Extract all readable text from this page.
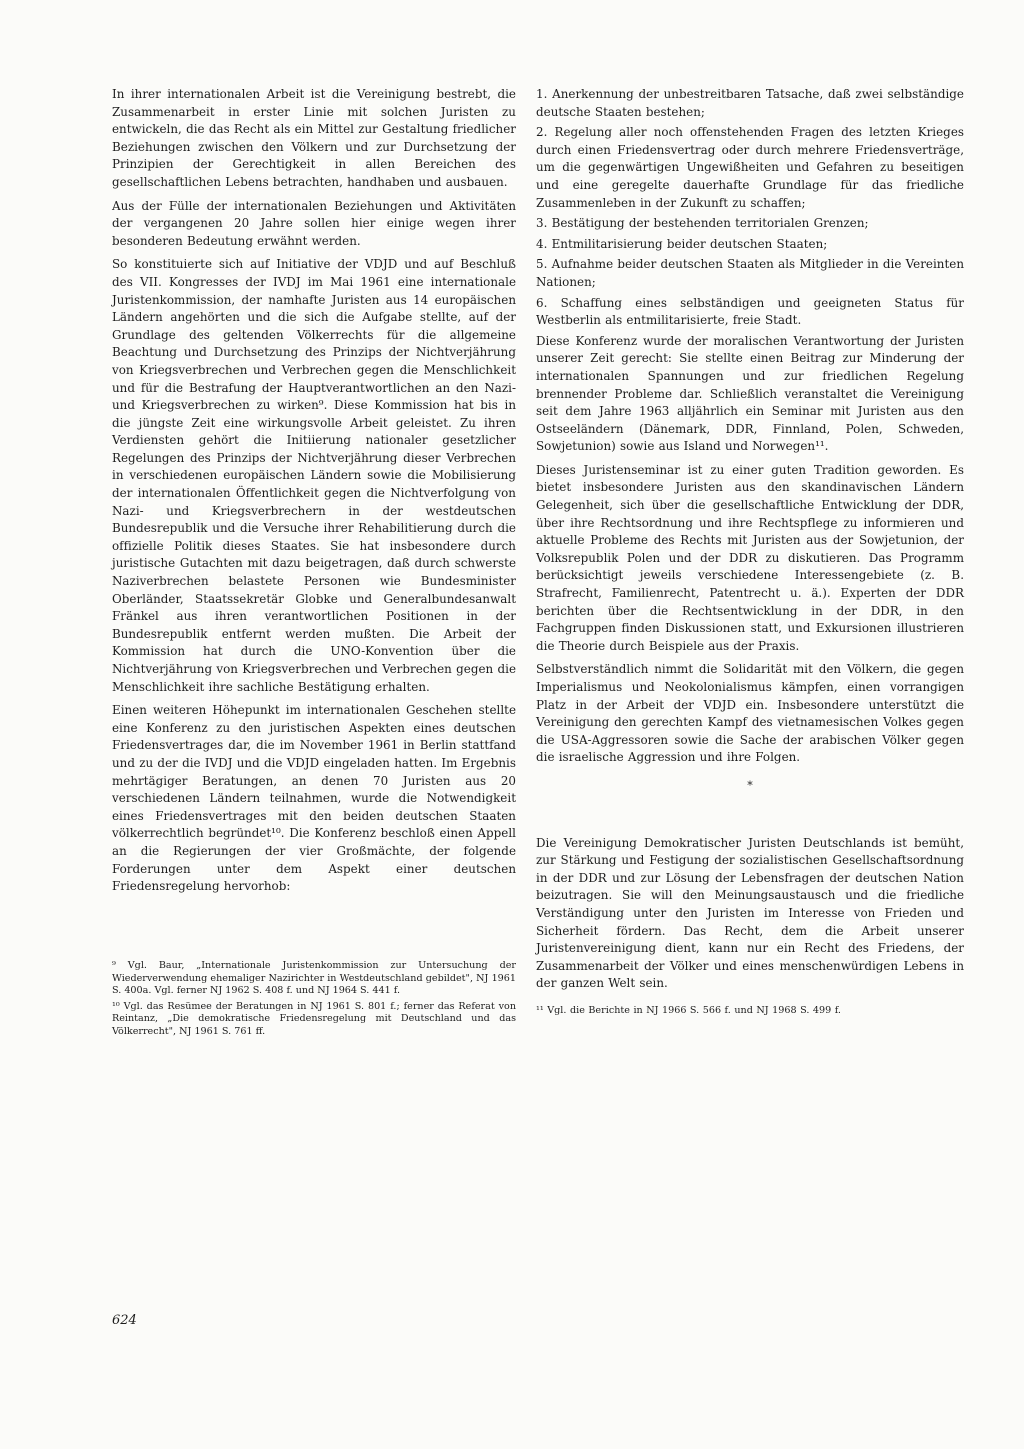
In ihrer internationalen Arbeit ist die Vereinigung bestrebt, die Zusammenarbeit in erster Linie mit solchen Juristen zu entwickeln, die das Recht als ein Mittel zur Gestaltung friedlicher Beziehungen zwischen den Völkern und zur Durchsetzung der Prinzipien der Gerechtigkeit in allen Bereichen des gesellschaftlichen Lebens betrachten, handhaben und ausbauen.

Aus der Fülle der internationalen Beziehungen und Aktivitäten der vergangenen 20 Jahre sollen hier einige wegen ihrer besonderen Bedeutung erwähnt werden.

So konstituierte sich auf Initiative der VDJD und auf Beschluß des VII. Kongresses der IVDJ im Mai 1961 eine internationale Juristenkommission, der namhafte Juristen aus 14 europäischen Ländern angehörten und die sich die Aufgabe stellte, auf der Grundlage des geltenden Völkerrechts für die allgemeine Beachtung und Durchsetzung des Prinzips der Nichtverjährung von Kriegsverbrechen und Verbrechen gegen die Menschlichkeit und für die Bestrafung der Hauptverantwortlichen an den Nazi- und Kriegsverbrechen zu wirken⁹. Diese Kommission hat bis in die jüngste Zeit eine wirkungsvolle Arbeit geleistet. Zu ihren Verdiensten gehört die Initiierung nationaler gesetzlicher Regelungen des Prinzips der Nichtverjährung dieser Verbrechen in verschiedenen europäischen Ländern sowie die Mobilisierung der internationalen Öffentlichkeit gegen die Nichtverfolgung von Nazi- und Kriegsverbrechern in der westdeutschen Bundesrepublik und die Versuche ihrer Rehabilitierung durch die offizielle Politik dieses Staates. Sie hat insbesondere durch juristische Gutachten mit dazu beigetragen, daß durch schwerste Naziverbrechen belastete Personen wie Bundesminister Oberländer, Staatssekretär Globke und Generalbundesanwalt Fränkel aus ihren verantwortlichen Positionen in der Bundesrepublik entfernt werden mußten. Die Arbeit der Kommission hat durch die UNO-Konvention über die Nichtverjährung von Kriegsverbrechen und Verbrechen gegen die Menschlichkeit ihre sachliche Bestätigung erhalten.

Einen weiteren Höhepunkt im internationalen Geschehen stellte eine Konferenz zu den juristischen Aspekten eines deutschen Friedensvertrages dar, die im November 1961 in Berlin stattfand und zu der die IVDJ und die VDJD eingeladen hatten. Im Ergebnis mehrtägiger Beratungen, an denen 70 Juristen aus 20 verschiedenen Ländern teilnahmen, wurde die Notwendigkeit eines Friedensvertrages mit den beiden deutschen Staaten völkerrechtlich begründet¹⁰. Die Konferenz beschloß einen Appell an die Regierungen der vier Großmächte, der folgende Forderungen unter dem Aspekt einer deutschen Friedensregelung hervorhob:

⁹ Vgl. Baur, „Internationale Juristenkommission zur Untersuchung der Wiederverwendung ehemaliger Nazirichter in Westdeutschland gebildet", NJ 1961 S. 400a. Vgl. ferner NJ 1962 S. 408 f. und NJ 1964 S. 441 f.

¹⁰ Vgl. das Resümee der Beratungen in NJ 1961 S. 801 f.; ferner das Referat von Reintanz, „Die demokratische Friedensregelung mit Deutschland und das Völkerrecht", NJ 1961 S. 761 ff.

1. Anerkennung der unbestreitbaren Tatsache, daß zwei selbständige deutsche Staaten bestehen;

2. Regelung aller noch offenstehenden Fragen des letzten Krieges durch einen Friedensvertrag oder durch mehrere Friedensverträge, um die gegenwärtigen Ungewißheiten und Gefahren zu beseitigen und eine geregelte dauerhafte Grundlage für das friedliche Zusammenleben in der Zukunft zu schaffen;

3. Bestätigung der bestehenden territorialen Grenzen;

4. Entmilitarisierung beider deutschen Staaten;

5. Aufnahme beider deutschen Staaten als Mitglieder in die Vereinten Nationen;

6. Schaffung eines selbständigen und geeigneten Status für Westberlin als entmilitarisierte, freie Stadt.

Diese Konferenz wurde der moralischen Verantwortung der Juristen unserer Zeit gerecht: Sie stellte einen Beitrag zur Minderung der internationalen Spannungen und zur friedlichen Regelung brennender Probleme dar. Schließlich veranstaltet die Vereinigung seit dem Jahre 1963 alljährlich ein Seminar mit Juristen aus den Ostseeländern (Dänemark, DDR, Finnland, Polen, Schweden, Sowjetunion) sowie aus Island und Norwegen¹¹.

Dieses Juristenseminar ist zu einer guten Tradition geworden. Es bietet insbesondere Juristen aus den skandinavischen Ländern Gelegenheit, sich über die gesellschaftliche Entwicklung der DDR, über ihre Rechtsordnung und ihre Rechtspflege zu informieren und aktuelle Probleme des Rechts mit Juristen aus der Sowjetunion, der Volksrepublik Polen und der DDR zu diskutieren. Das Programm berücksichtigt jeweils verschiedene Interessengebiete (z. B. Strafrecht, Familienrecht, Patentrecht u. ä.). Experten der DDR berichten über die Rechtsentwicklung in der DDR, in den Fachgruppen finden Diskussionen statt, und Exkursionen illustrieren die Theorie durch Beispiele aus der Praxis.

Selbstverständlich nimmt die Solidarität mit den Völkern, die gegen Imperialismus und Neokolonialismus kämpfen, einen vorrangigen Platz in der Arbeit der VDJD ein. Insbesondere unterstützt die Vereinigung den gerechten Kampf des vietnamesischen Volkes gegen die USA-Aggressoren sowie die Sache der arabischen Völker gegen die israelische Aggression und ihre Folgen.

*

Die Vereinigung Demokratischer Juristen Deutschlands ist bemüht, zur Stärkung und Festigung der sozialistischen Gesellschaftsordnung in der DDR und zur Lösung der Lebensfragen der deutschen Nation beizutragen. Sie will den Meinungsaustausch und die friedliche Verständigung unter den Juristen im Interesse von Frieden und Sicherheit fördern. Das Recht, dem die Arbeit unserer Juristenvereinigung dient, kann nur ein Recht des Friedens, der Zusammenarbeit der Völker und eines menschenwürdigen Lebens in der ganzen Welt sein.

¹¹ Vgl. die Berichte in NJ 1966 S. 566 f. und NJ 1968 S. 499 f.

624
